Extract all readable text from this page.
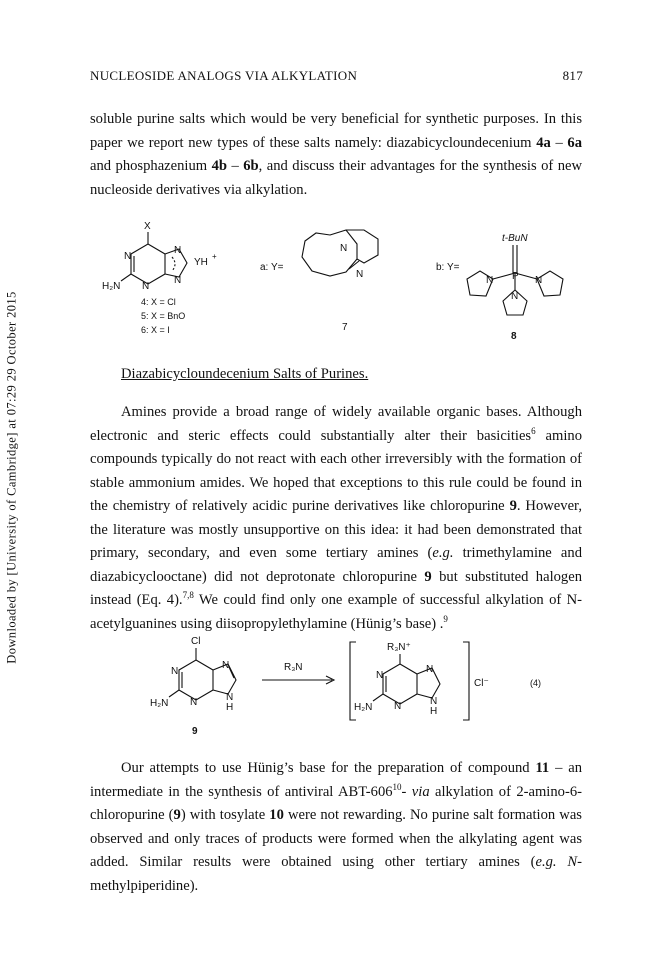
Downloaded by [University of Cambridge] at 07:29 29 October 2015
NUCLEOSIDE ANALOGS VIA ALKYLATION	817
soluble purine salts which would be very beneficial for synthetic purposes. In this paper we report new types of these salts namely: diazabicycloundecenium 4a – 6a and phosphazenium 4b – 6b, and discuss their advantages for the synthesis of new nucleoside derivatives via alkylation.
X
N
N
N
N
YH
+
H₂N
4: X = Cl
5: X = BnO
6: X = I
a: Y=
N
N
7
b: Y=
t-BuN
P
N	N
N
8
Diazabicycloundecenium Salts of Purines.
Amines provide a broad range of widely available organic bases. Although electronic and steric effects could substantially alter their basicities$^6$ amino compounds typically do not react with each other irreversibly with the formation of stable ammonium amides. We hoped that exceptions to this rule could be found in the chemistry of relatively acidic purine derivatives like chloropurine 9. However, the literature was mostly unsupportive on this idea: it had been demonstrated that primary, secondary, and even some tertiary amines (e.g. trimethylamine and diazabicyclooctane) did not deprotonate chloropurine 9 but substituted halogen instead (Eq. 4).$^{7,8}$ We could find only one example of successful alkylation of N-acetylguanines using diisopropylethylamine (Hünig’s base) .$^9$
Cl
N
N
N	N
H
H₂N
R₃N
R₃N⁺
N
N
N	N
H
H₂N
Cl⁻	(4)
9
Our attempts to use Hünig’s base for the preparation of compound 11 – an intermediate in the synthesis of antiviral ABT-$606^{10}-$ via alkylation of 2-amino-6-chloropurine (9) with tosylate 10 were not rewarding. No purine salt formation was observed and only traces of products were formed when the alkylating agent was added. Similar results were obtained using other tertiary amines (e.g. N-methylpiperidine).
